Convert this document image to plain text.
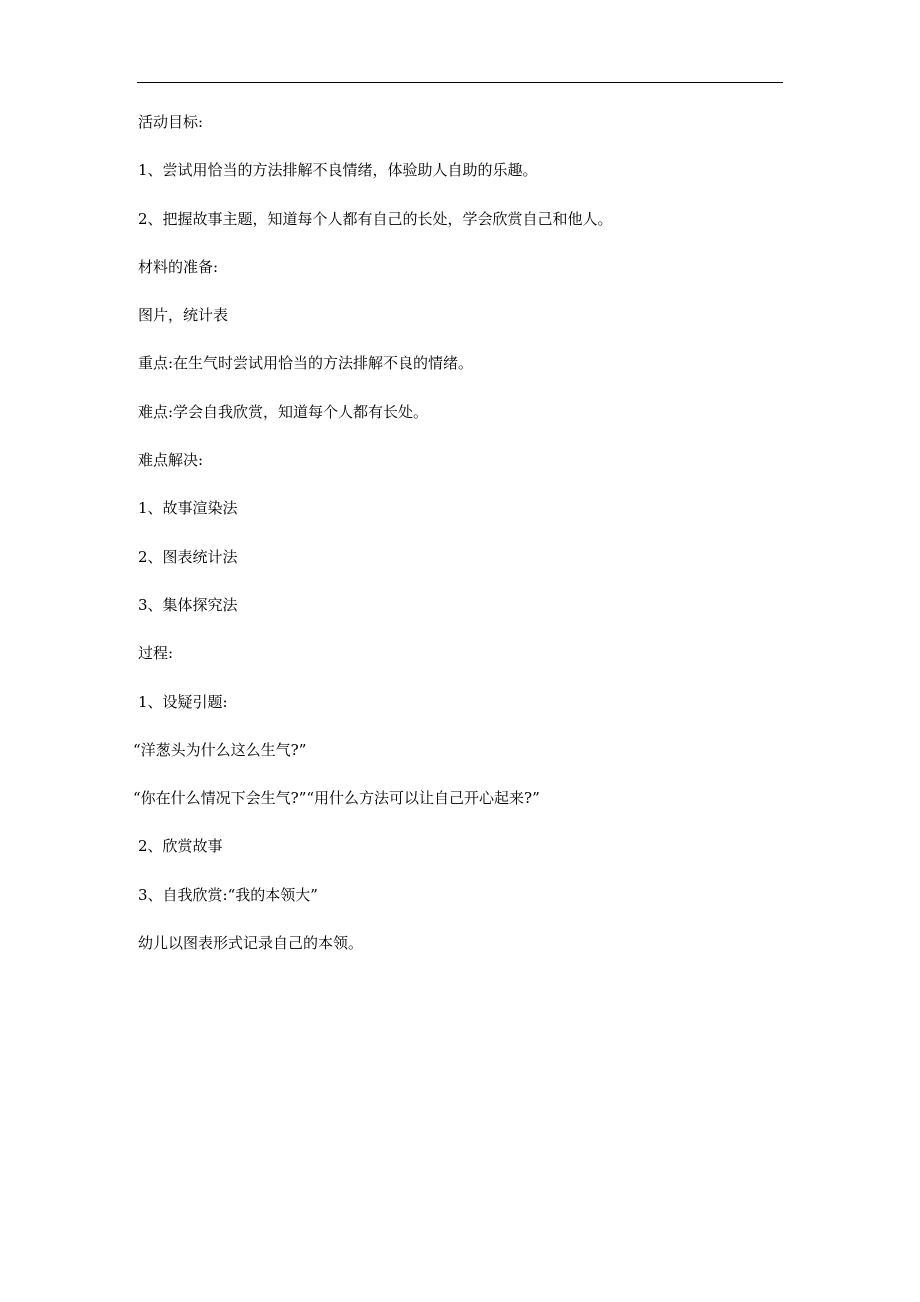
活动目标:
1、尝试用恰当的方法排解不良情绪，体验助人自助的乐趣。
2、把握故事主题，知道每个人都有自己的长处，学会欣赏自己和他人。
材料的准备:
图片，统计表
重点:在生气时尝试用恰当的方法排解不良的情绪。
难点:学会自我欣赏，知道每个人都有长处。
难点解决:
1、故事渲染法
2、图表统计法
3、集体探究法
过程:
1、设疑引题:
“洋葱头为什么这么生气?”
“你在什么情况下会生气?”“用什么方法可以让自己开心起来?”
2、欣赏故事
3、自我欣赏:“我的本领大”
幼儿以图表形式记录自己的本领。
